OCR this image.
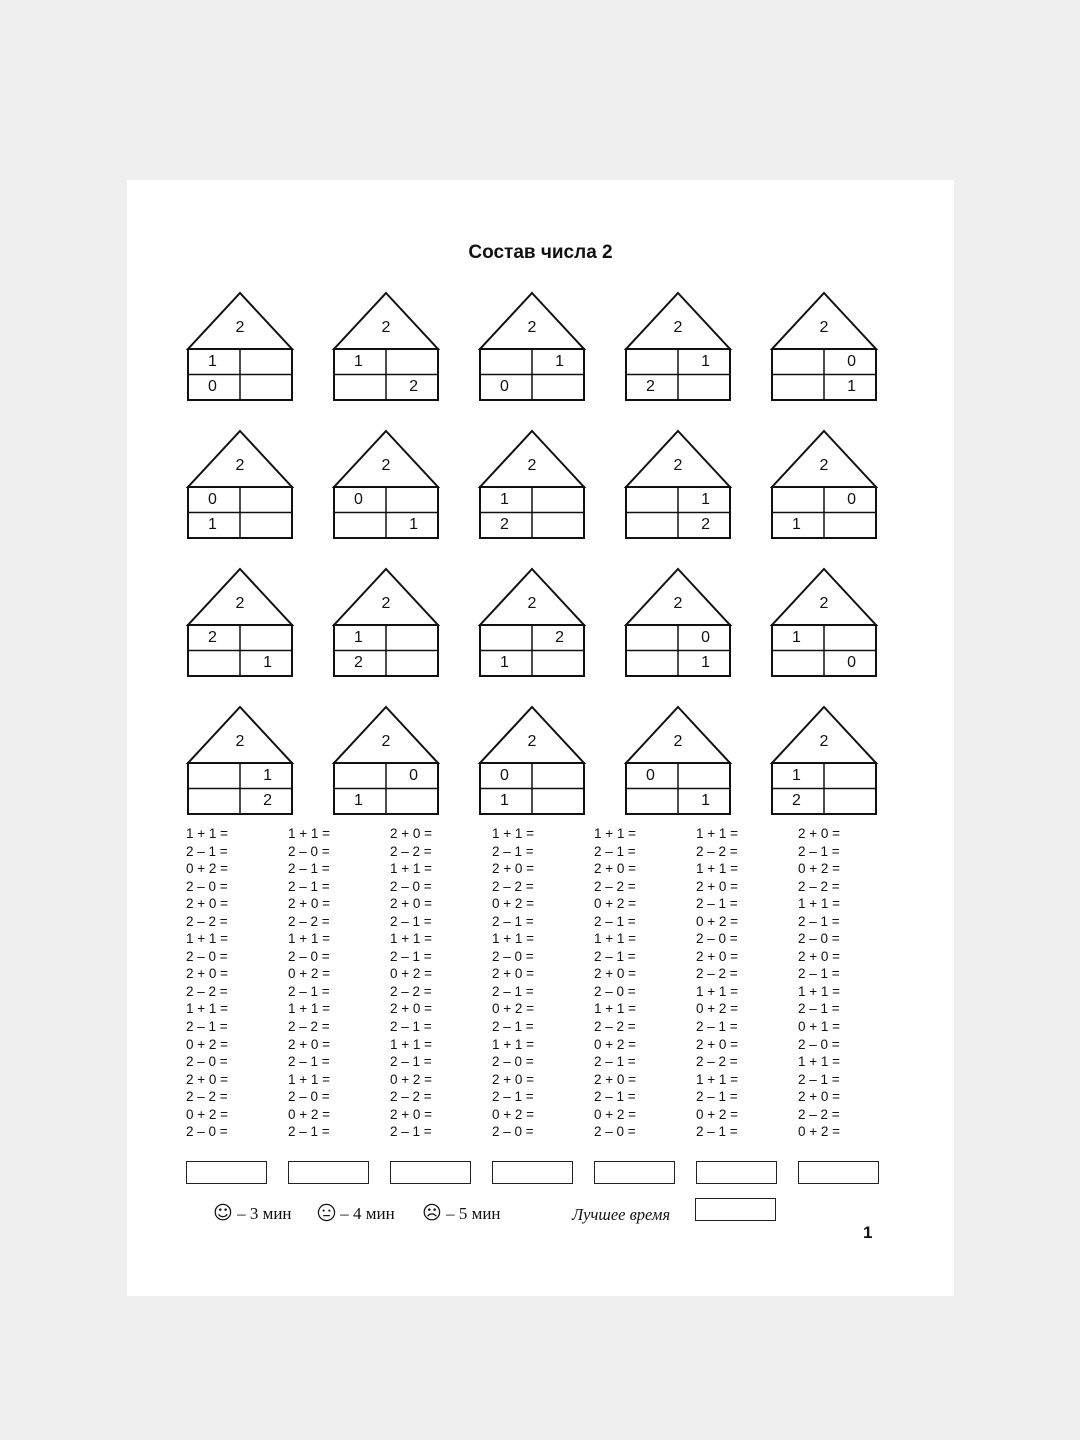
Состав числа 2
2
1
0
2
1
2
2
1
0
2
1
2
2
0
1
2
0
1
2
0
1
2
1
2
2
1
2
2
0
1
2
2
1
2
1
2
2
2
1
2
0
1
2
1
0
2
1
2
2
0
1
2
0
1
2
0
1
2
1
2
1 + 1 =
2 – 1 =
0 + 2 =
2 – 0 =
2 + 0 =
2 – 2 =
1 + 1 =
2 – 0 =
2 + 0 =
2 – 2 =
1 + 1 =
2 – 1 =
0 + 2 =
2 – 0 =
2 + 0 =
2 – 2 =
0 + 2 =
2 – 0 =
1 + 1 =
2 – 0 =
2 – 1 =
2 – 1 =
2 + 0 =
2 – 2 =
1 + 1 =
2 – 0 =
0 + 2 =
2 – 1 =
1 + 1 =
2 – 2 =
2 + 0 =
2 – 1 =
1 + 1 =
2 – 0 =
0 + 2 =
2 – 1 =
2 + 0 =
2 – 2 =
1 + 1 =
2 – 0 =
2 + 0 =
2 – 1 =
1 + 1 =
2 – 1 =
0 + 2 =
2 – 2 =
2 + 0 =
2 – 1 =
1 + 1 =
2 – 1 =
0 + 2 =
2 – 2 =
2 + 0 =
2 – 1 =
1 + 1 =
2 – 1 =
2 + 0 =
2 – 2 =
0 + 2 =
2 – 1 =
1 + 1 =
2 – 0 =
2 + 0 =
2 – 1 =
0 + 2 =
2 – 1 =
1 + 1 =
2 – 0 =
2 + 0 =
2 – 1 =
0 + 2 =
2 – 0 =
1 + 1 =
2 – 1 =
2 + 0 =
2 – 2 =
0 + 2 =
2 – 1 =
1 + 1 =
2 – 1 =
2 + 0 =
2 – 0 =
1 + 1 =
2 – 2 =
0 + 2 =
2 – 1 =
2 + 0 =
2 – 1 =
0 + 2 =
2 – 0 =
1 + 1 =
2 – 2 =
1 + 1 =
2 + 0 =
2 – 1 =
0 + 2 =
2 – 0 =
2 + 0 =
2 – 2 =
1 + 1 =
0 + 2 =
2 – 1 =
2 + 0 =
2 – 2 =
1 + 1 =
2 – 1 =
0 + 2 =
2 – 1 =
2 + 0 =
2 – 1 =
0 + 2 =
2 – 2 =
1 + 1 =
2 – 1 =
2 – 0 =
2 + 0 =
2 – 1 =
1 + 1 =
2 – 1 =
0 + 1 =
2 – 0 =
1 + 1 =
2 – 1 =
2 + 0 =
2 – 2 =
0 + 2 =
☺ – 3 мин	– 4 мин ☹ – 5 мин	Лучшее время
1
